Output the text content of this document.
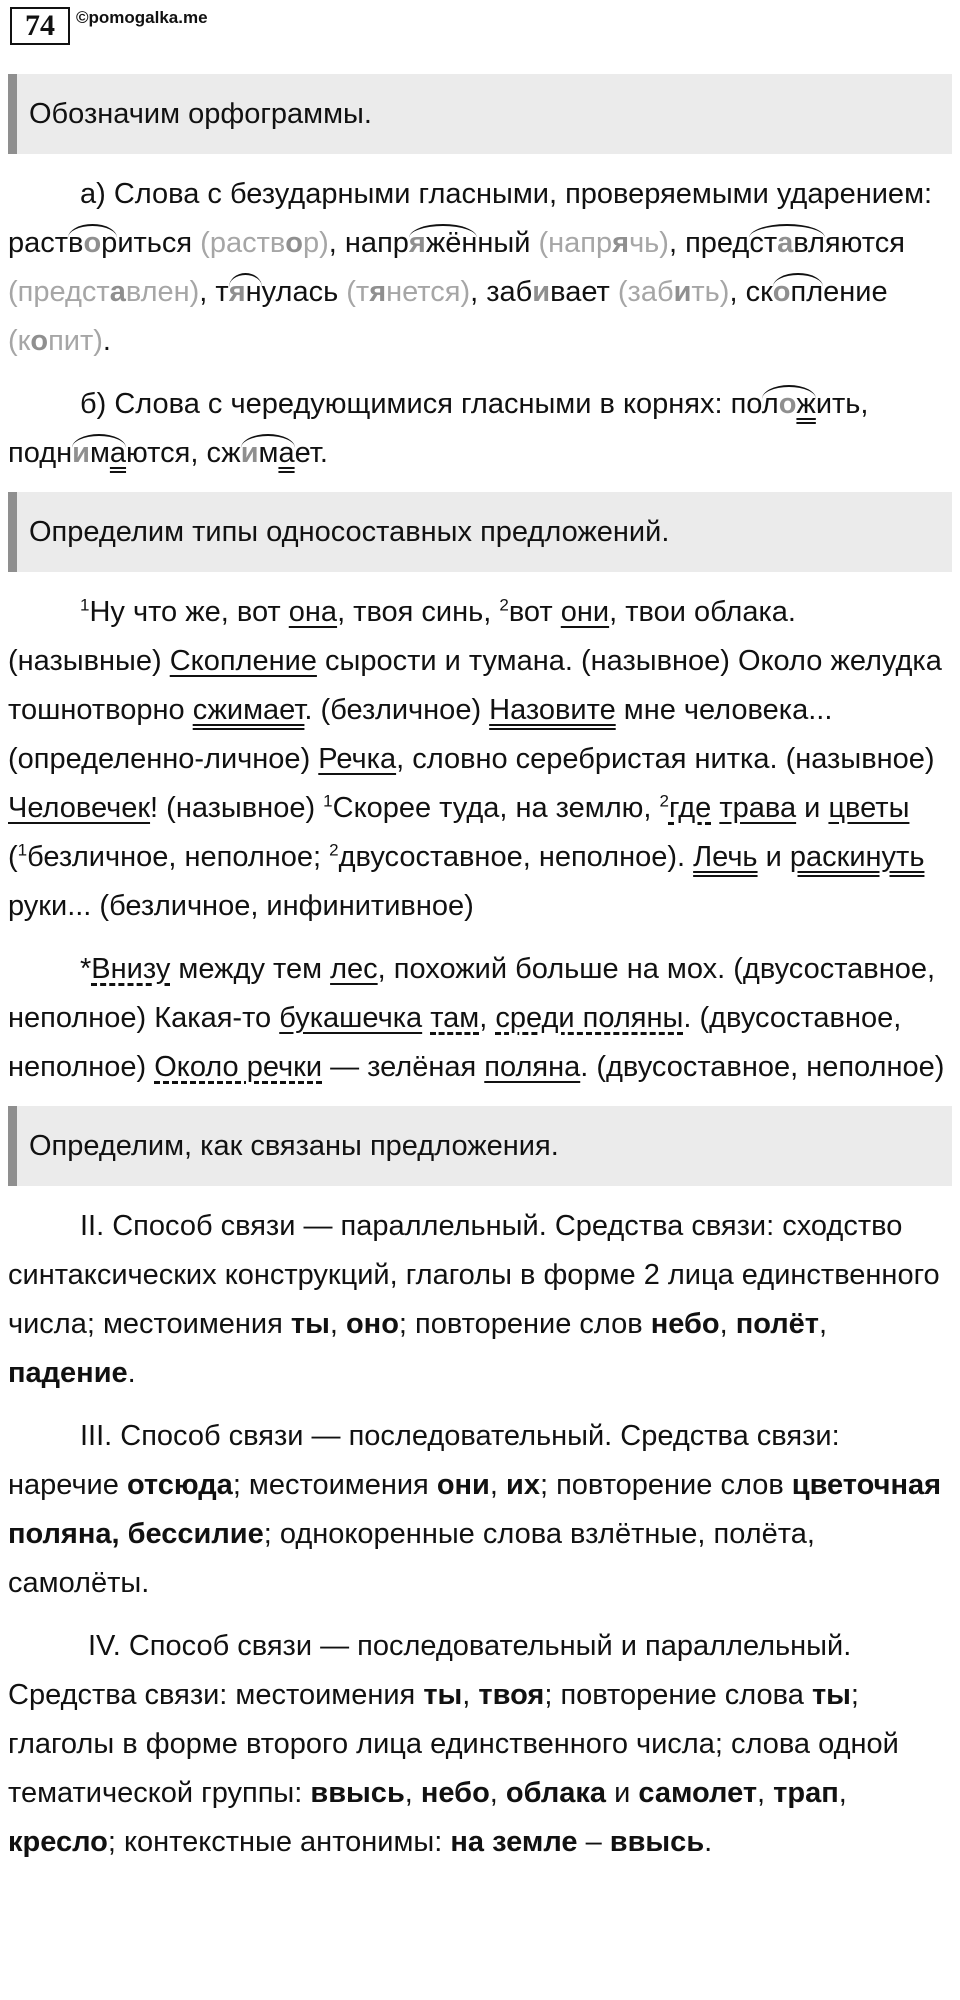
74	©pomogalka.me
Обозначим орфограммы.

а) Слова с безударными гласными, проверяемыми ударением: раствориться (раствор), напряжённый (напрячь), представляются (представлен), тянулась (тянется), забивает (забить), скопление (копит).

б) Слова с чередующимися гласными в корнях: положить, поднимаются, сжимает.

Определим типы односоставных предложений.

$^1$Ну что же, вот она, твоя синь, $^2$вот они, твои облака. (назывные) Скопление сырости и тумана. (назывное) Около желудка тошнотворно сжимает. (безличное) Назовите мне человека... (определенно-личное) Речка, словно серебристая нитка. (назывное) Человечек! (назывное) $^1$Скорее туда, на землю, $^2$где трава и цветы ($^1$безличное, неполное; $^2$двусоставное, неполное). Лечь и раскинуть руки... (безличное, инфинитивное)

*Внизу между тем лес, похожий больше на мох. (двусоставное, неполное) Какая-то букашечка там, среди поляны. (двусоставное, неполное) Около речки — зелёная поляна. (двусоставное, неполное)

Определим, как связаны предложения.

II. Способ связи — параллельный. Средства связи: сходство синтаксических конструкций, глаголы в форме 2 лица единственного числа; местоимения ты, оно; повторение слов небо, полёт, падение.

III. Способ связи — последовательный. Средства связи: наречие отсюда; местоимения они, их; повторение слов цветочная поляна, бессилие; однокоренные слова взлётные, полёта, самолёты.

IV. Способ связи — последовательный и параллельный. Средства связи: местоимения ты, твоя; повторение слова ты; глаголы в форме второго лица единственного числа; слова одной тематической группы: ввысь, небо, облака и самолет, трап, кресло; контекстные антонимы: на земле – ввысь.
